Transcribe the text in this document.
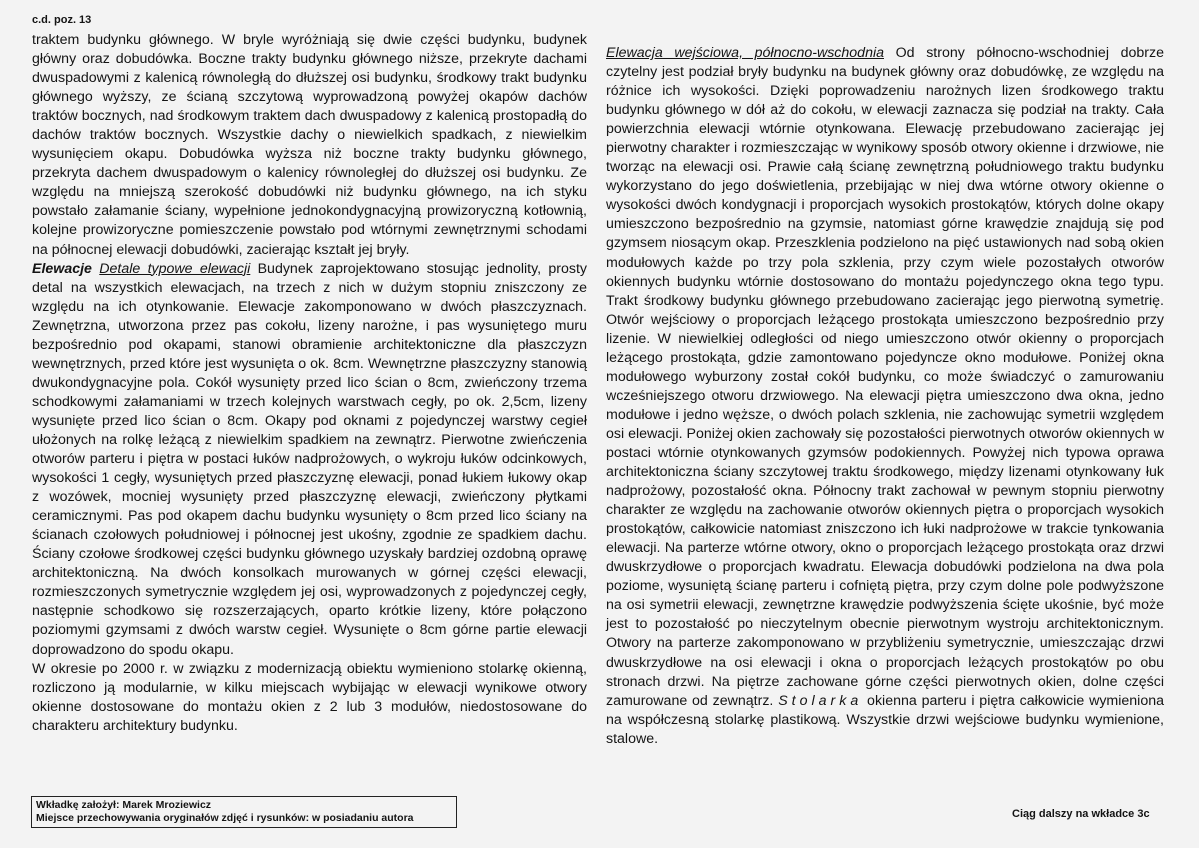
c.d. poz. 13

traktem budynku głównego. W bryle wyróżniają się dwie części budynku, budynek główny oraz dobudówka. Boczne trakty budynku głównego niższe, przekryte dachami dwuspadowymi z kalenicą równoległą do dłuższej osi budynku, środkowy trakt budynku głównego wyższy, ze ścianą szczytową wyprowadzoną powyżej okapów dachów traktów bocznych, nad środkowym traktem dach dwuspadowy z kalenicą prostopadłą do dachów traktów bocznych. Wszystkie dachy o niewielkich spadkach, z niewielkim wysunięciem okapu. Dobudówka wyższa niż boczne trakty budynku głównego, przekryta dachem dwuspadowym o kalenicy równoległej do dłuższej osi budynku. Ze względu na mniejszą szerokość dobudówki niż budynku głównego, na ich styku powstało załamanie ściany, wypełnione jednokondygnacyjną prowizoryczną kotłownią, kolejne prowizoryczne pomieszczenie powstało pod wtórnymi zewnętrznymi schodami na północnej elewacji dobudówki, zacierając kształt jej bryły.

Elewacje Detale typowe elewacji Budynek zaprojektowano stosując jednolity, prosty detal na wszystkich elewacjach, na trzech z nich w dużym stopniu zniszczony ze względu na ich otynkowanie. Elewacje zakomponowano w dwóch płaszczyznach. Zewnętrzna, utworzona przez pas cokołu, lizeny narożne, i pas wysuniętego muru bezpośrednio pod okapami, stanowi obramienie architektoniczne dla płaszczyzn wewnętrznych, przed które jest wysunięta o ok. 8cm. Wewnętrzne płaszczyzny stanowią dwukondygnacyjne pola. Cokół wysunięty przed lico ścian o 8cm, zwieńczony trzema schodkowymi załamaniami w trzech kolejnych warstwach cegły, po ok. 2,5cm, lizeny wysunięte przed lico ścian o 8cm. Okapy pod oknami z pojedynczej warstwy cegieł ułożonych na rolkę leżącą z niewielkim spadkiem na zewnątrz. Pierwotne zwieńczenia otworów parteru i piętra w postaci łuków nadprożowych, o wykroju łuków odcinkowych, wysokości 1 cegły, wysuniętych przed płaszczyznę elewacji, ponad łukiem łukowy okap z wozówek, mocniej wysunięty przed płaszczyznę elewacji, zwieńczony płytkami ceramicznymi. Pas pod okapem dachu budynku wysunięty o 8cm przed lico ściany na ścianach czołowych południowej i północnej jest ukośny, zgodnie ze spadkiem dachu. Ściany czołowe środkowej części budynku głównego uzyskały bardziej ozdobną oprawę architektoniczną. Na dwóch konsolkach murowanych w górnej części elewacji, rozmieszczonych symetrycznie względem jej osi, wyprowadzonych z pojedynczej cegły, następnie schodkowo się rozszerzających, oparto krótkie lizeny, które połączono poziomymi gzymsami z dwóch warstw cegieł. Wysunięte o 8cm górne partie elewacji doprowadzono do spodu okapu.

W okresie po 2000 r. w związku z modernizacją obiektu wymieniono stolarkę okienną, rozliczono ją modularnie, w kilku miejscach wybijając w elewacji wynikowe otwory okienne dostosowane do montażu okien z 2 lub 3 modułów, niedostosowane do charakteru architektury budynku.

Elewacja wejściowa, północno-wschodnia Od strony północno-wschodniej dobrze czytelny jest podział bryły budynku na budynek główny oraz dobudówkę, ze względu na różnice ich wysokości. Dzięki poprowadzeniu narożnych lizen środkowego traktu budynku głównego w dół aż do cokołu, w elewacji zaznacza się podział na trakty. Cała powierzchnia elewacji wtórnie otynkowana. Elewację przebudowano zacierając jej pierwotny charakter i rozmieszczając w wynikowy sposób otwory okienne i drzwiowe, nie tworząc na elewacji osi. Prawie całą ścianę zewnętrzną południowego traktu budynku wykorzystano do jego doświetlenia, przebijając w niej dwa wtórne otwory okienne o wysokości dwóch kondygnacji i proporcjach wysokich prostokątów, których dolne okapy umieszczono bezpośrednio na gzymsie, natomiast górne krawędzie znajdują się pod gzymsem niosącym okap. Przeszklenia podzielono na pięć ustawionych nad sobą okien modułowych każde po trzy pola szklenia, przy czym wiele pozostałych otworów okiennych budynku wtórnie dostosowano do montażu pojedynczego okna tego typu. Trakt środkowy budynku głównego przebudowano zacierając jego pierwotną symetrię. Otwór wejściowy o proporcjach leżącego prostokąta umieszczono bezpośrednio przy lizenie. W niewielkiej odległości od niego umieszczono otwór okienny o proporcjach leżącego prostokąta, gdzie zamontowano pojedyncze okno modułowe. Poniżej okna modułowego wyburzony został cokół budynku, co może świadczyć o zamurowaniu wcześniejszego otworu drzwiowego. Na elewacji piętra umieszczono dwa okna, jedno modułowe i jedno węższe, o dwóch polach szklenia, nie zachowując symetrii względem osi elewacji. Poniżej okien zachowały się pozostałości pierwotnych otworów okiennych w postaci wtórnie otynkowanych gzymsów podokiennych. Powyżej nich typowa oprawa architektoniczna ściany szczytowej traktu środkowego, między lizenami otynkowany łuk nadprożowy, pozostałość okna. Północny trakt zachował w pewnym stopniu pierwotny charakter ze względu na zachowanie otworów okiennych piętra o proporcjach wysokich prostokątów, całkowicie natomiast zniszczono ich łuki nadprożowe w trakcie tynkowania elewacji. Na parterze wtórne otwory, okno o proporcjach leżącego prostokąta oraz drzwi dwuskrzydłowe o proporcjach kwadratu. Elewacja dobudówki podzielona na dwa pola poziome, wysuniętą ścianę parteru i cofniętą piętra, przy czym dolne pole podwyższone na osi symetrii elewacji, zewnętrzne krawędzie podwyższenia ścięte ukośnie, być może jest to pozostałość po nieczytelnym obecnie pierwotnym wystroju architektonicznym. Otwory na parterze zakomponowano w przybliżeniu symetrycznie, umieszczając drzwi dwuskrzydłowe na osi elewacji i okna o proporcjach leżących prostokątów po obu stronach drzwi. Na piętrze zachowane górne części pierwotnych okien, dolne części zamurowane od zewnątrz. Stolarka okienna parteru i piętra całkowicie wymieniona na współczesną stolarkę plastikową. Wszystkie drzwi wejściowe budynku wymienione, stalowe.

Wkładkę założył: Marek Mroziewicz
Miejsce przechowywania oryginałów zdjęć i rysunków: w posiadaniu autora	Ciąg dalszy na wkładce 3c
